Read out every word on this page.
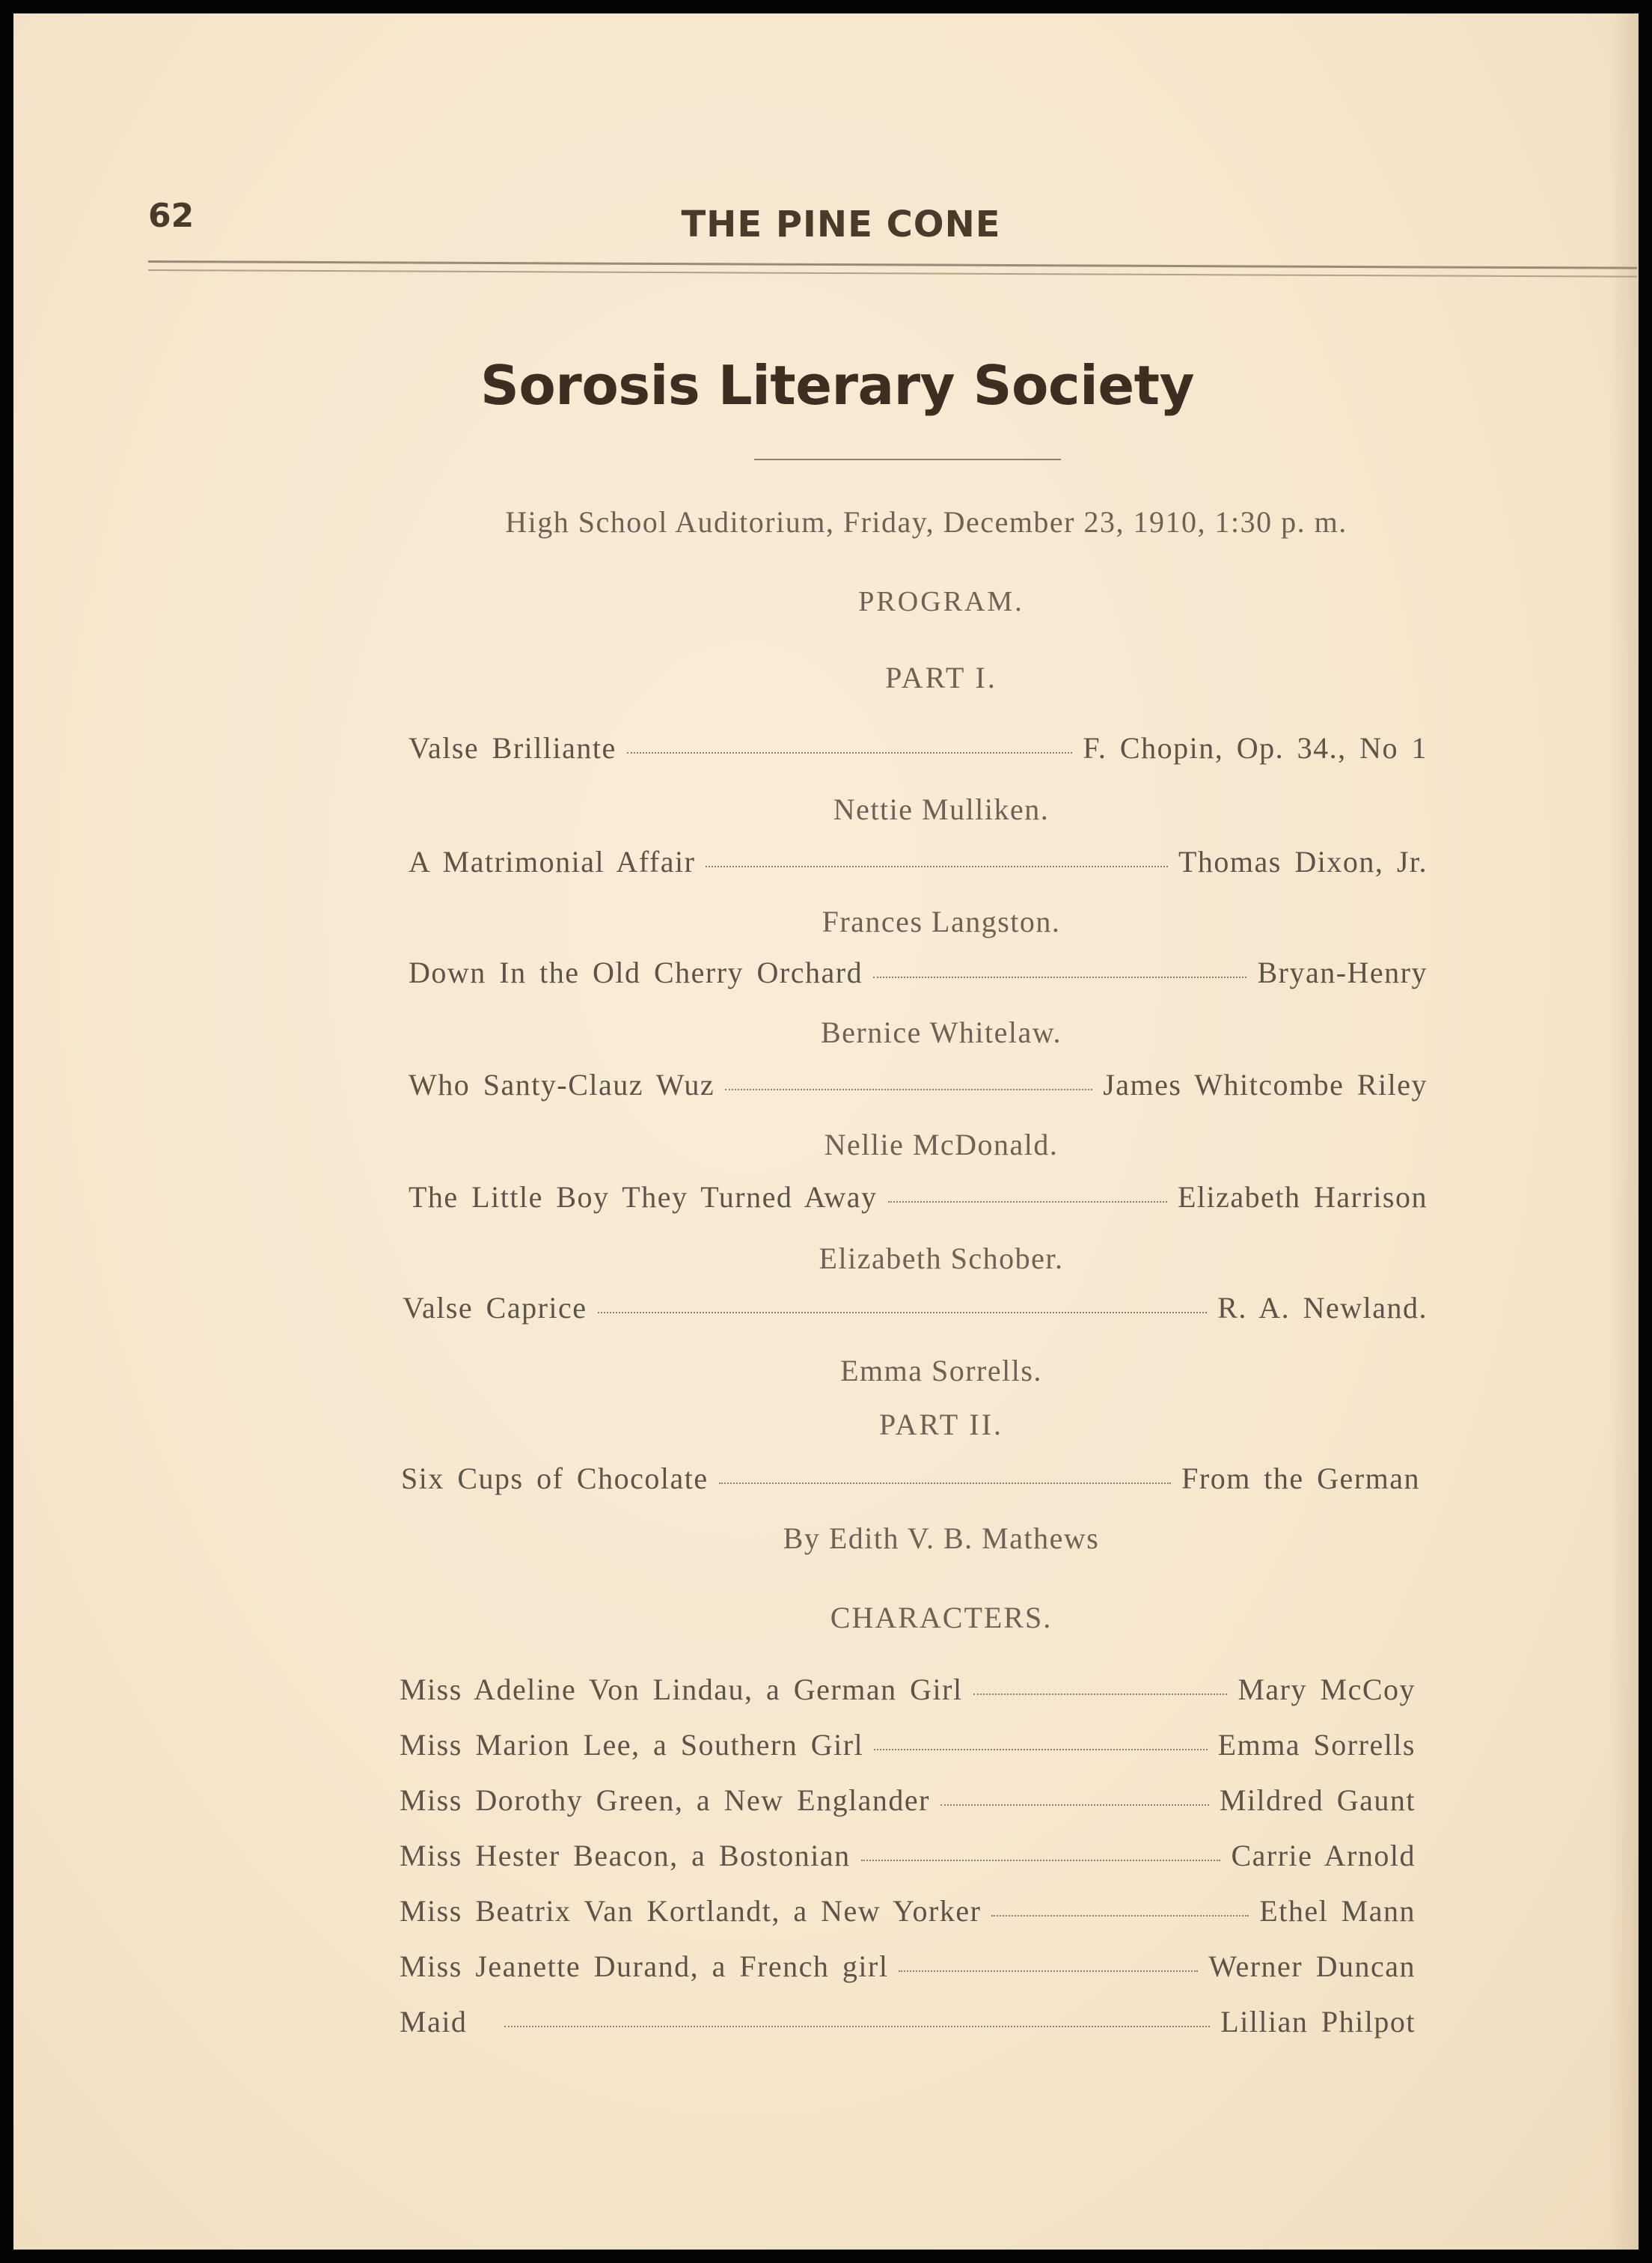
62	THE PINE CONE
Sorosis Literary Society
High School Auditorium, Friday, December 23, 1910, 1:30 p. m.
PROGRAM.
PART I.
Valse Brilliante	F. Chopin, Op. 34., No 1
Nettie Mulliken.
A Matrimonial Affair	Thomas Dixon, Jr.
Frances Langston.
Down In the Old Cherry Orchard	Bryan-Henry
Bernice Whitelaw.
Who Santy-Clauz Wuz	James Whitcombe Riley
Nellie McDonald.
The Little Boy They Turned Away	Elizabeth Harrison
Elizabeth Schober.
Valse Caprice	R. A. Newland.
Emma Sorrells.
PART II.
Six Cups of Chocolate	From the German
By Edith V. B. Mathews
CHARACTERS.
Miss Adeline Von Lindau, a German Girl	Mary McCoy
Miss Marion Lee, a Southern Girl	Emma Sorrells
Miss Dorothy Green, a New Englander	Mildred Gaunt
Miss Hester Beacon, a Bostonian	Carrie Arnold
Miss Beatrix Van Kortlandt, a New Yorker	Ethel Mann
Miss Jeanette Durand, a French girl	Werner Duncan
Maid	Lillian Philpot
